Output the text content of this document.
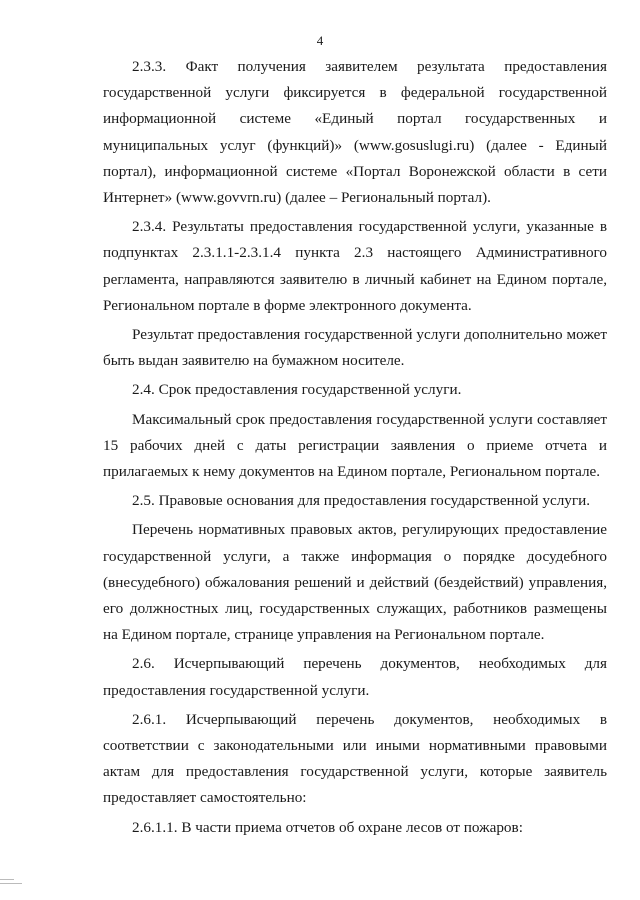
4

2.3.3. Факт получения заявителем результата предоставления государственной услуги фиксируется в федеральной государственной информационной системе «Единый портал государственных и муниципальных услуг (функций)» (www.gosuslugi.ru) (далее - Единый портал), информационной системе «Портал Воронежской области в сети Интернет» (www.govvrn.ru) (далее – Региональный портал).

2.3.4. Результаты предоставления государственной услуги, указанные в подпунктах 2.3.1.1-2.3.1.4 пункта 2.3 настоящего Административного регламента, направляются заявителю в личный кабинет на Едином портале, Региональном портале в форме электронного документа.

Результат предоставления государственной услуги дополнительно может быть выдан заявителю на бумажном носителе.

2.4. Срок предоставления государственной услуги.

Максимальный срок предоставления государственной услуги составляет 15 рабочих дней с даты регистрации заявления о приеме отчета и прилагаемых к нему документов на Едином портале, Региональном портале.

2.5. Правовые основания для предоставления государственной услуги.

Перечень нормативных правовых актов, регулирующих предоставление государственной услуги, а также информация о порядке досудебного (внесудебного) обжалования решений и действий (бездействий) управления, его должностных лиц, государственных служащих, работников размещены на Едином портале, странице управления на Региональном портале.

2.6. Исчерпывающий перечень документов, необходимых для предоставления государственной услуги.

2.6.1. Исчерпывающий перечень документов, необходимых в соответствии с законодательными или иными нормативными правовыми актам для предоставления государственной услуги, которые заявитель предоставляет самостоятельно:

2.6.1.1. В части приема отчетов об охране лесов от пожаров:
